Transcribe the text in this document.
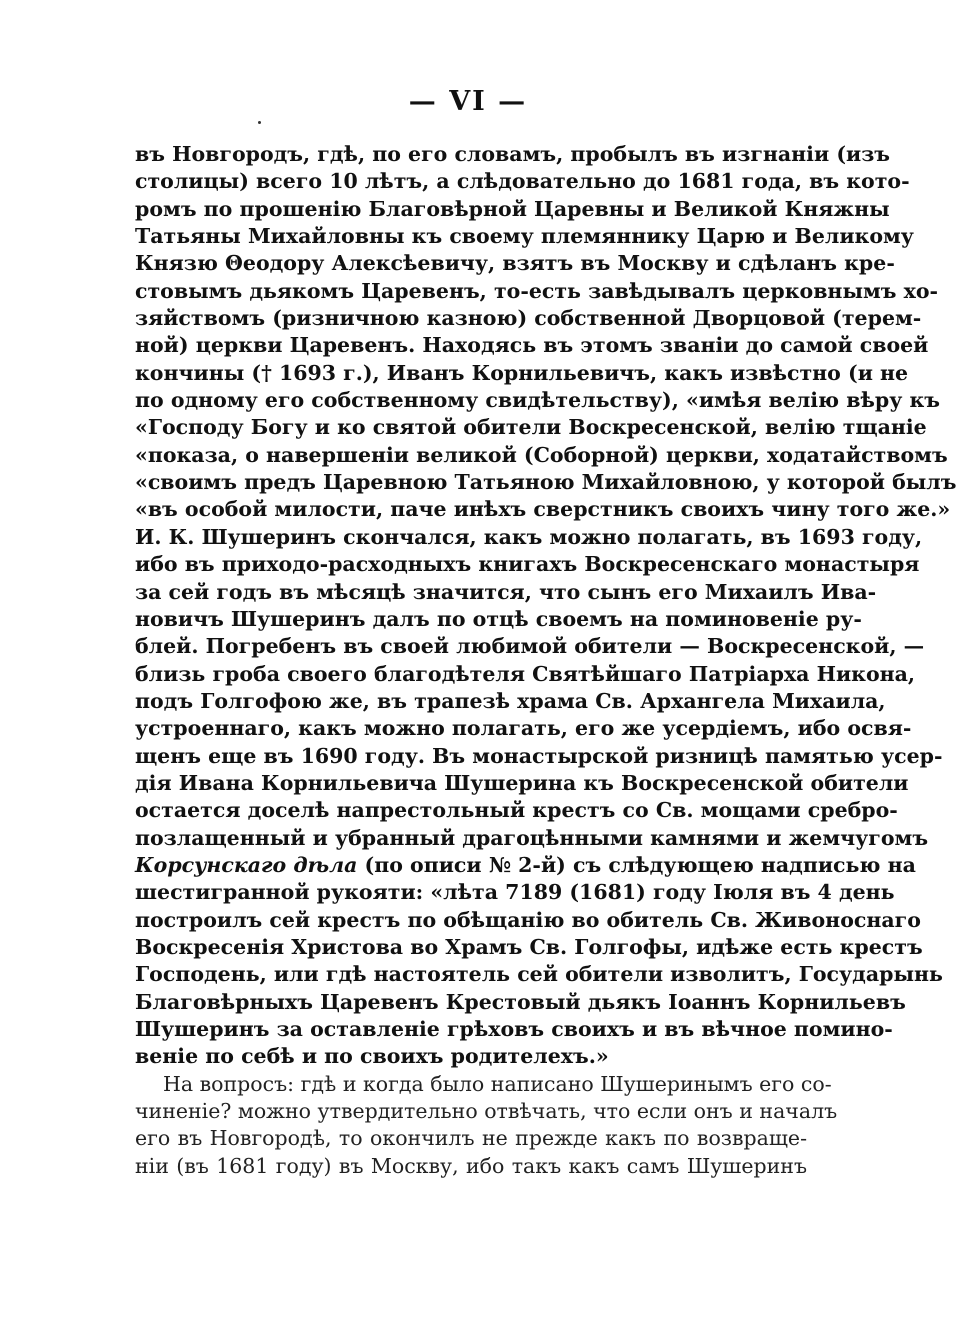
— VI —
въ Новгородъ, гдѣ, по его словамъ, пробылъ въ изгнаніи (изъ
столицы) всего 10 лѣтъ, а слѣдовательно до 1681 года, въ кото-
ромъ по прошенію Благовѣрной Царевны и Великой Княжны
Татьяны Михайловны къ своему племяннику Царю и Великому
Князю Θеодору Алексѣевичу, взятъ въ Москву и сдѣланъ кре-
стовымъ дьякомъ Царевенъ, то-есть завѣдывалъ церковнымъ хо-
зяйствомъ (ризничною казною) собственной Дворцовой (терем-
ной) церкви Царевенъ. Находясь въ этомъ званіи до самой своей
кончины († 1693 г.), Иванъ Корнильевичъ, какъ извѣстно (и не
по одному его собственному свидѣтельству), «имѣя велію вѣру къ
«Господу Богу и ко святой обители Воскресенской, велію тщаніе
«показа, о навершеніи великой (Соборной) церкви, ходатайствомъ
«своимъ предъ Царевною Татьяною Михайловною, у которой былъ
«въ особой милости, паче инѣхъ сверстникъ своихъ чину того же.»
И. К. Шушеринъ скончался, какъ можно полагать, въ 1693 году,
ибо въ приходо-расходныхъ книгахъ Воскресенскаго монастыря
за сей годъ въ мѣсяцѣ значится, что сынъ его Михаилъ Ива-
новичъ Шушеринъ далъ по отцѣ своемъ на поминовеніе ру-
блей. Погребенъ въ своей любимой обители — Воскресенской, —
близь гроба своего благодѣтеля Святѣйшаго Патріарха Никона,
подъ Голгофою же, въ трапезѣ храма Св. Архангела Михаила,
устроеннаго, какъ можно полагать, его же усердіемъ, ибо освя-
щенъ еще въ 1690 году. Въ монастырской ризницѣ памятью усер-
дія Ивана Корнильевича Шушерина къ Воскресенской обители
остается доселѣ напрестольный крестъ со Св. мощами сребро-
позлащенный и убранный драгоцѣнными камнями и жемчугомъ
Корсунскаго дѣла (по описи № 2-й) съ слѣдующею надписью на
шестигранной рукояти: «лѣта 7189 (1681) году Іюля въ 4 день
построилъ сей крестъ по обѣщанію во обитель Св. Живоноснаго
Воскресенія Христова во Храмъ Св. Голгофы, идѣже есть крестъ
Господень, или гдѣ настоятель сей обители изволитъ, Государынь
Благовѣрныхъ Царевенъ Крестовый дьякъ Іоаннъ Корнильевъ
Шушеринъ за оставленіе грѣховъ своихъ и въ вѣчное помино-
веніе по себѣ и по своихъ родителехъ.»
На вопросъ: гдѣ и когда было написано Шушеринымъ его со-
чиненіе? можно утвердительно отвѣчать, что если онъ и началъ
его въ Новгородѣ, то окончилъ не прежде какъ по возвраще-
ніи (въ 1681 году) въ Москву, ибо такъ какъ самъ Шушеринъ
